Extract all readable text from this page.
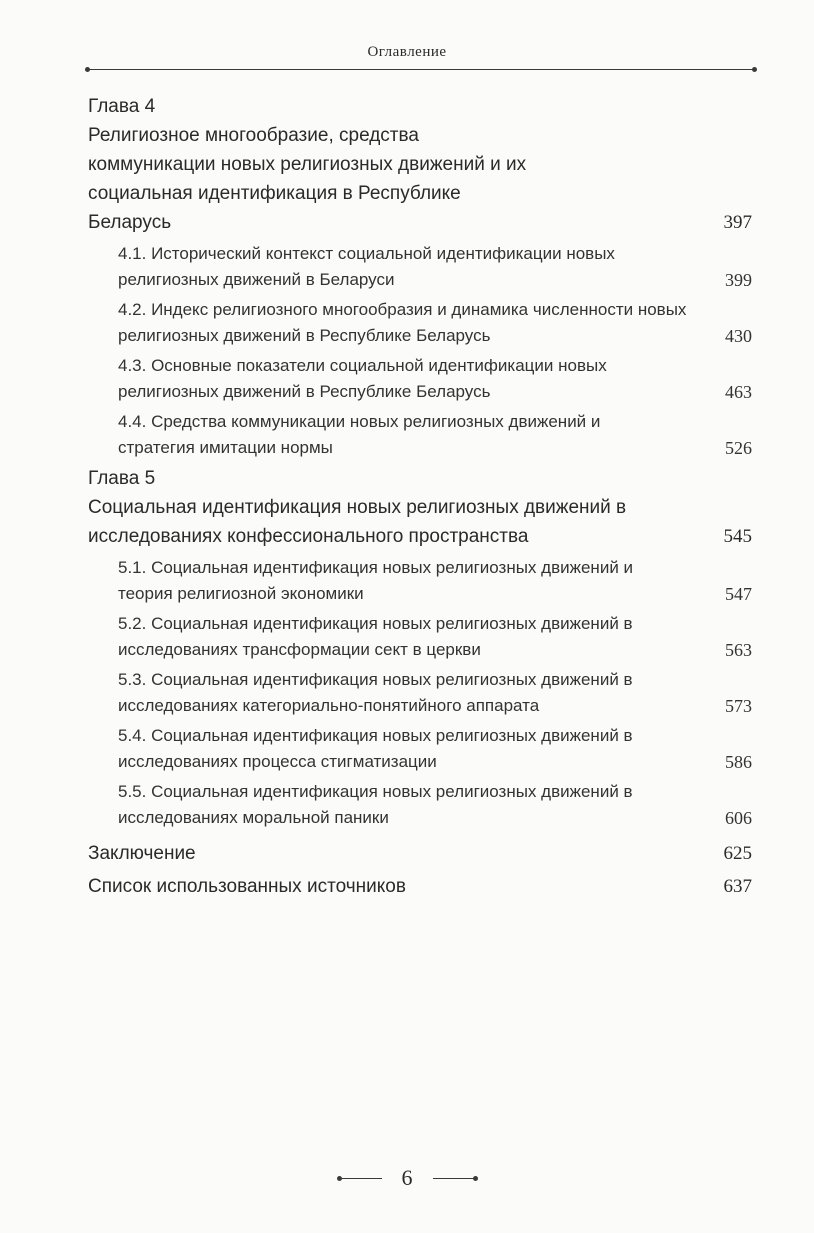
Оглавление
Глава 4
Религиозное многообразие, средства коммуникации новых религиозных движений и их социальная идентификация в Республике Беларусь	397
4.1. Исторический контекст социальной идентификации новых религиозных движений в Беларуси	399
4.2. Индекс религиозного многообразия и динамика численности новых религиозных движений в Республике Беларусь	430
4.3. Основные показатели социальной идентификации новых религиозных движений в Республике Беларусь	463
4.4. Средства коммуникации новых религиозных движений и стратегия имитации нормы	526
Глава 5
Социальная идентификация новых религиозных движений в исследованиях конфессионального пространства	545
5.1. Социальная идентификация новых религиозных движений и теория религиозной экономики	547
5.2. Социальная идентификация новых религиозных движений в исследованиях трансформации сект в церкви	563
5.3. Социальная идентификация новых религиозных движений в исследованиях категориально-понятийного аппарата	573
5.4. Социальная идентификация новых религиозных движений в исследованиях процесса стигматизации	586
5.5. Социальная идентификация новых религиозных движений в исследованиях моральной паники	606
Заключение	625
Список использованных источников	637
6
